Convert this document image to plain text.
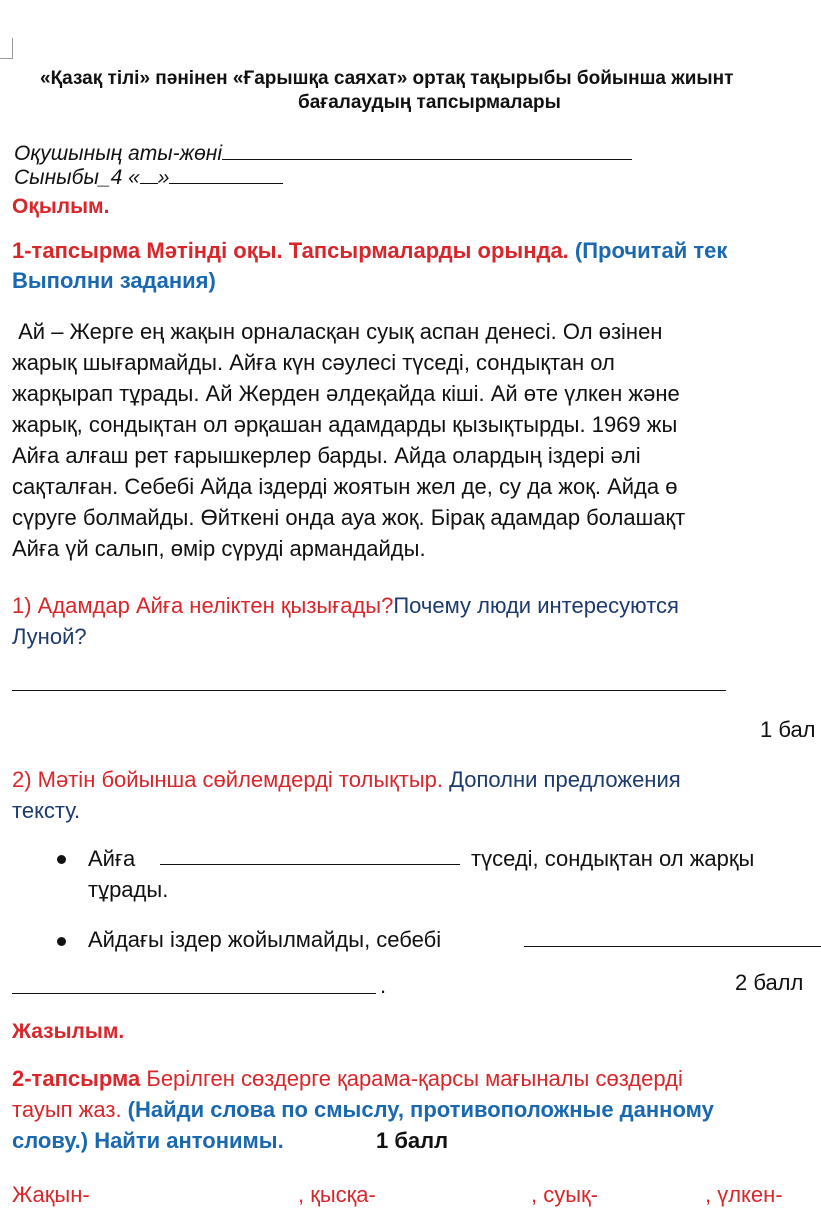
«Қазақ тілі» пәнінен «Ғарышқа саяхат» ортақ тақырыбы бойынша жиынт
бағалаудың тапсырмалары
Оқушының аты-жөні
Сыныбы_4 « »
Оқылым.
1-тапсырма Мәтінді оқы. Тапсырмаларды орында. (Прочитай тек
Выполни задания)
Ай – Жерге ең жақын орналасқан суық аспан денесі. Ол өзінен
жарық шығармайды. Айға күн сәулесі түседі, сондықтан ол
жарқырап тұрады. Ай Жерден әлдеқайда кіші. Ай өте үлкен және
жарық, сондықтан ол әрқашан адамдарды қызықтырды. 1969 жы
Айға алғаш рет ғарышкерлер барды. Айда олардың іздері әлі
сақталған. Себебі Айда іздерді жоятын жел де, су да жоқ. Айда ө
сүруге болмайды. Өйткені онда ауа жоқ. Бірақ адамдар болашақт
Айға үй салып, өмір сүруді армандайды.
1) Адамдар Айға неліктен қызығады?Почему люди интересуются
Луной?
1 бал
2) Мәтін бойынша сөйлемдерді толықтыр. Дополни предложения
тексту.
Айға	түседі, сондықтан ол жарқы
тұрады.
Айдағы іздер жойылмайды, себебі
.	2 балл
Жазылым.
2-тапсырма Берілген сөздерге қарама-қарсы мағыналы сөздерді
тауып жаз. (Найди слова по смыслу, противоположные данному
слову.) Найти антонимы.	1 балл
Жақын-	, қысқа-	, суық-	, үлкен-
